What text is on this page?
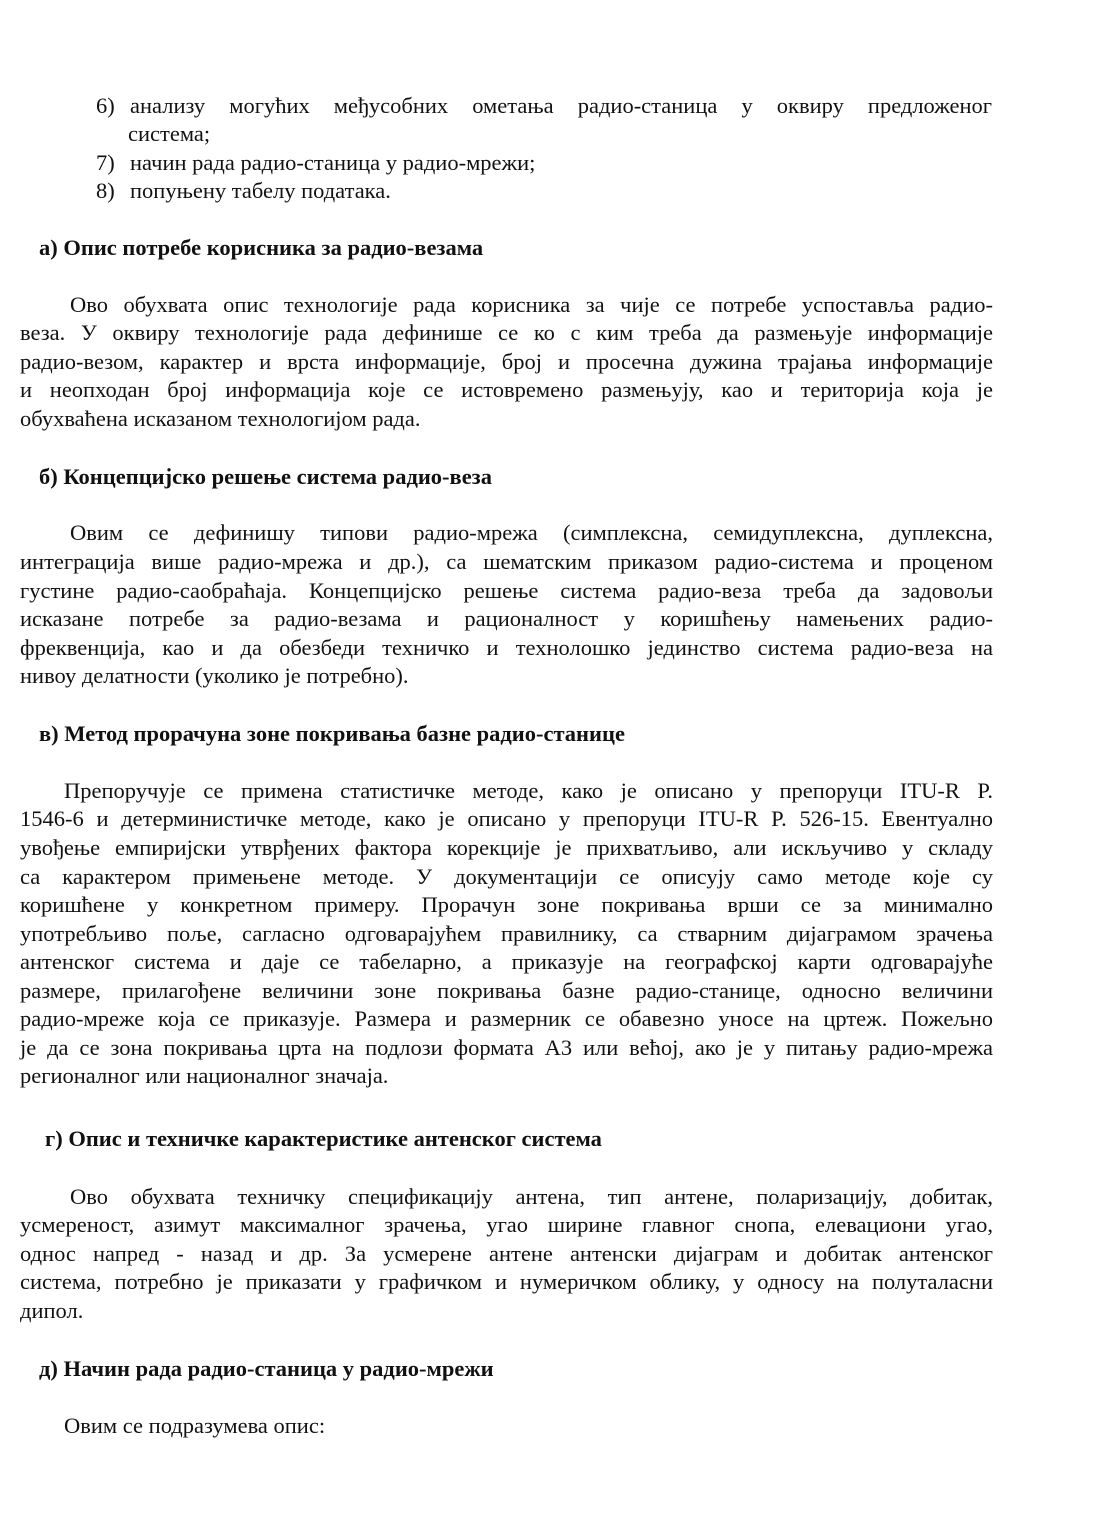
6) анализу могућих међусобних ометања радио-станица у оквиру предложеног
система;
7) начин рада радио-станица у радио-мрежи;
8) попуњену табелу података.
а) Опис потребе корисника за радио-везама
Ово обухвата опис технологије рада корисника за чије се потребе успоставља радио-
веза. У оквиру технологије рада дефинише се ко с ким треба да размењује информације
радио-везом, карактер и врста информације, број и просечна дужина трајања информације
и неопходан број информација које се истовремено размењују, као и територија која је
обухваћена исказаном технологијом рада.
б) Концепцијско решење система радио-веза
Овим се дефинишу типови радио-мрежа (симплексна, семидуплексна, дуплексна,
интеграција више радио-мрежа и др.), са шематским приказом радио-система и проценом
густине радио-саобраћаја. Концепцијско решење система радио-веза треба да задовољи
исказане потребе за радио-везама и рационалност у коришћењу намењених радио-
фреквенција, као и да обезбеди техничко и технолошко јединство система радио-веза на
нивоу делатности (уколико је потребно).
в) Метод прорачуна зоне покривања базне радио-станице
Препоручује се примена статистичке методе, како је описано у препоруци ITU-R P.
1546-6 и детерминистичке методе, како је описано у препоруци ITU-R P. 526-15. Евентуално
увођење емпиријски утврђених фактора корекције је прихватљиво, али искључиво у складу
са карактером примењене методе. У документацији се описују само методе које су
коришћене у конкретном примеру. Прорачун зоне покривања врши се за минимално
употребљиво поље, сагласно одговарајућем правилнику, са стварним дијаграмом зрачења
антенског система и даје се табеларно, а приказује на географској карти одговарајуће
размере, прилагођене величини зоне покривања базне радио-станице, односно величини
радио-мреже која се приказује. Размера и размерник се обавезно уносе на цртеж. Пожељно
је да се зона покривања црта на подлози формата А3 или већој, ако је у питању радио-мрежа
регионалног или националног значаја.
г) Опис и техничке карактеристике антенског система
Ово обухвата техничку спецификацију антена, тип антене, поларизацију, добитак,
усмереност, азимут максималног зрачења, угао ширине главног снопа, елевациони угао,
однос напред - назад и др. За усмерене антене антенски дијаграм и добитак антенског
система, потребно је приказати у графичком и нумеричком облику, у односу на полуталасни
дипол.
д) Начин рада радио-станица у радио-мрежи
Овим се подразумева опис:
